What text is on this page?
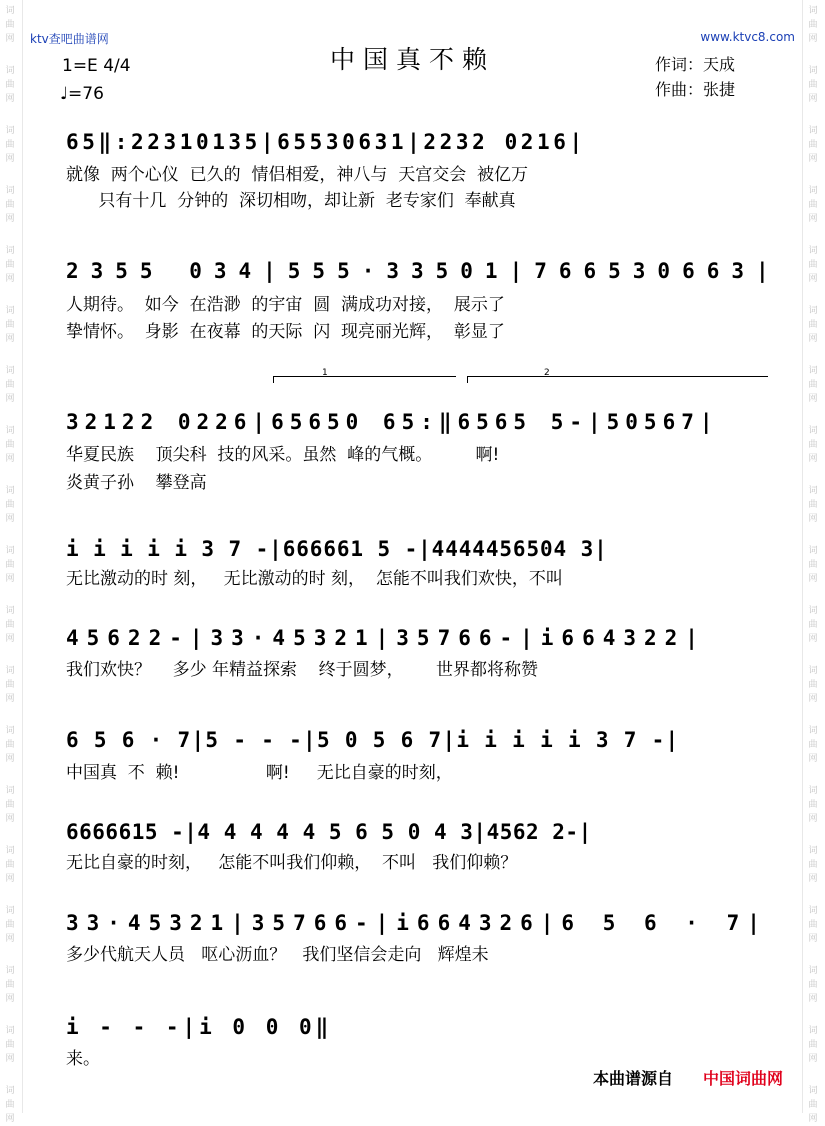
词
曲
网
词
曲
网
词
曲
网
词
曲
网
词
曲
网
词
曲
网
词
曲
网
词
曲
网
词
曲
网
词
曲
网
词
曲
网
词
曲
网
词
曲
网
词
曲
网
词
曲
网
词
曲
网
词
曲
网
词
曲
网
词
曲
网
词
曲
网
词
曲
网
词
曲
网
词
曲
网
词
曲
网
词
曲
网
词
曲
网
词
曲
网
词
曲
网
词
曲
网
词
曲
网
词
曲
网
词
曲
网
词
曲
网
词
曲
网
词
曲
网
词
曲
网
词
曲
网
词
曲
网
ktv查吧曲谱网	www.ktvc8.com
中国真不赖
1=E 4/4
♩=76
作词：天成
作曲：张捷
65‖:22310135|65530631|2232 0216|
就像  两个心仪  已久的  情侣相爱，神八与  天宫交会  被亿万
只有十几  分钟的  深切相吻，却让新  老专家们  奉献真
2355 034|555·33501|766530663|
人期待。  如今  在浩渺  的宇宙  圆  满成功对接，  展示了
挚情怀。  身影  在夜幕  的天际  闪  现亮丽光辉，  彰显了
1	2
32122 0226|65650 65:‖6565 5-|50567|
华夏民族    顶尖科  技的风采。虽然  峰的气概。        啊!
炎黄子孙    攀登高
i i i i i 3 7 -|666661 5 -|4444456504 3|
无比激动的时 刻，   无比激动的时 刻，  怎能不叫我们欢快，不叫
45622-|33·45321|35766-|i664322|
我们欢快？    多少 年精益探索    终于圆梦，      世界都将称赞
6 5 6 · 7|5 - - -|5 0 5 6 7|i i i i i 3 7 -|
中国真  不  赖!                啊!     无比自豪的时刻，
6666615 -|4 4 4 4 4 5 6 5 0 4 3|4562 2-|
无比自豪的时刻，   怎能不叫我们仰赖，  不叫   我们仰赖？
33·45321|35766-|i664326|6 5 6 · 7|
多少代航天人员   呕心沥血？   我们坚信会走向   辉煌未
i - - -|i 0 0 0‖
来。
本曲谱源自 中国词曲网
